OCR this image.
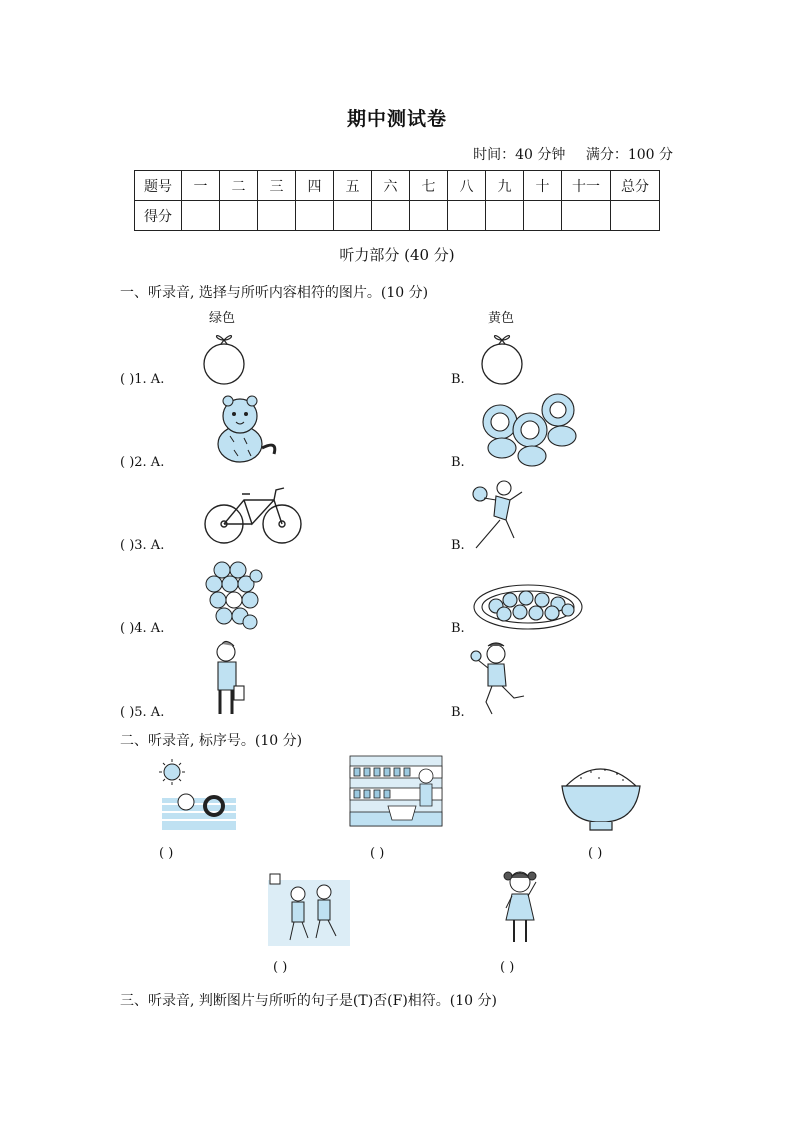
期中测试卷
时间：40 分钟 满分：100 分
题号	一	二	三	四	五	六	七	八	九	十	十一	总分
得分												
听力部分 (40 分)
一、听录音, 选择与所听内容相符的图片。(10 分)
绿色	黄色
( )1. A.	B.
( )2. A.	B.
( )3. A.	B.
( )4. A.	B.
( )5. A.	B.
二、听录音, 标序号。(10 分)
( )	( )	( )
( )	( )
三、听录音, 判断图片与所听的句子是(T)否(F)相符。(10 分)
